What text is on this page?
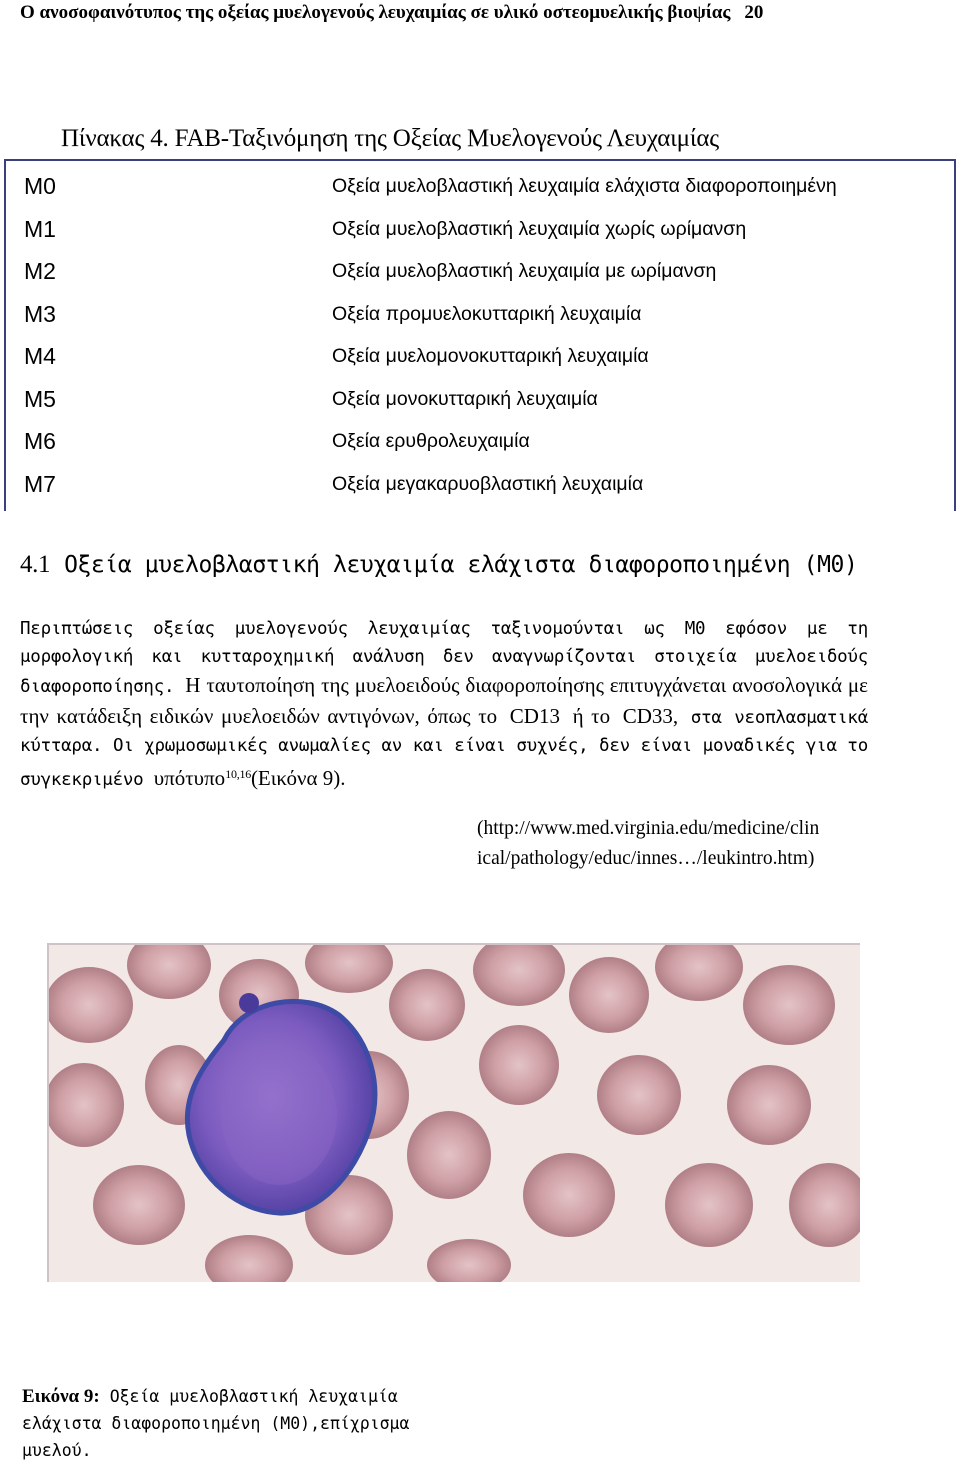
Ο ανοσοφαινότυπος της οξείας μυελογενούς λευχαιμίας σε υλικό οστεομυελικής βιοψίας 20
Πίνακας 4. FAB-Ταξινόμηση της Οξείας Μυελογενούς Λευχαιμίας
M0	Οξεία μυελοβλαστική λευχαιμία ελάχιστα διαφοροποιημένη
M1	Οξεία μυελοβλαστική λευχαιμία χωρίς ωρίμανση
M2	Οξεία μυελοβλαστική λευχαιμία με ωρίμανση
M3	Οξεία προμυελοκυτταρική λευχαιμία
M4	Οξεία μυελομονοκυτταρική λευχαιμία
M5	Οξεία μονοκυτταρική λευχαιμία
M6	Οξεία ερυθρολευχαιμία
M7	Οξεία μεγακαρυοβλαστική λευχαιμία
4.1 Οξεία μυελοβλαστική λευχαιμία ελάχιστα διαφοροποιημένη (M0)
Περιπτώσεις οξείας μυελογενούς λευχαιμίας ταξινομούνται ως M0 εφόσον με τη μορφολογική και κυτταροχημική ανάλυση δεν αναγνωρίζονται στοιχεία μυελοειδούς διαφοροποίησης. Η ταυτοποίηση της μυελοειδούς διαφοροποίησης επιτυγχάνεται ανοσολογικά με την κατάδειξη ειδικών μυελοειδών αντιγόνων, όπως το CD13 ή το CD33, στα νεοπλασματικά κύτταρα. Οι χρωμοσωμικές ανωμαλίες αν και είναι συχνές, δεν είναι μοναδικές για το συγκεκριμένο υπότυπο$^{10,16}$(Εικόνα 9).
(http://www.med.virginia.edu/medicine/clin
ical/pathology/educ/innes…/leukintro.htm)
Εικόνα 9: Οξεία μυελοβλαστική λευχαιμία ελάχιστα διαφοροποιημένη (M0),επίχρισμα μυελού.
